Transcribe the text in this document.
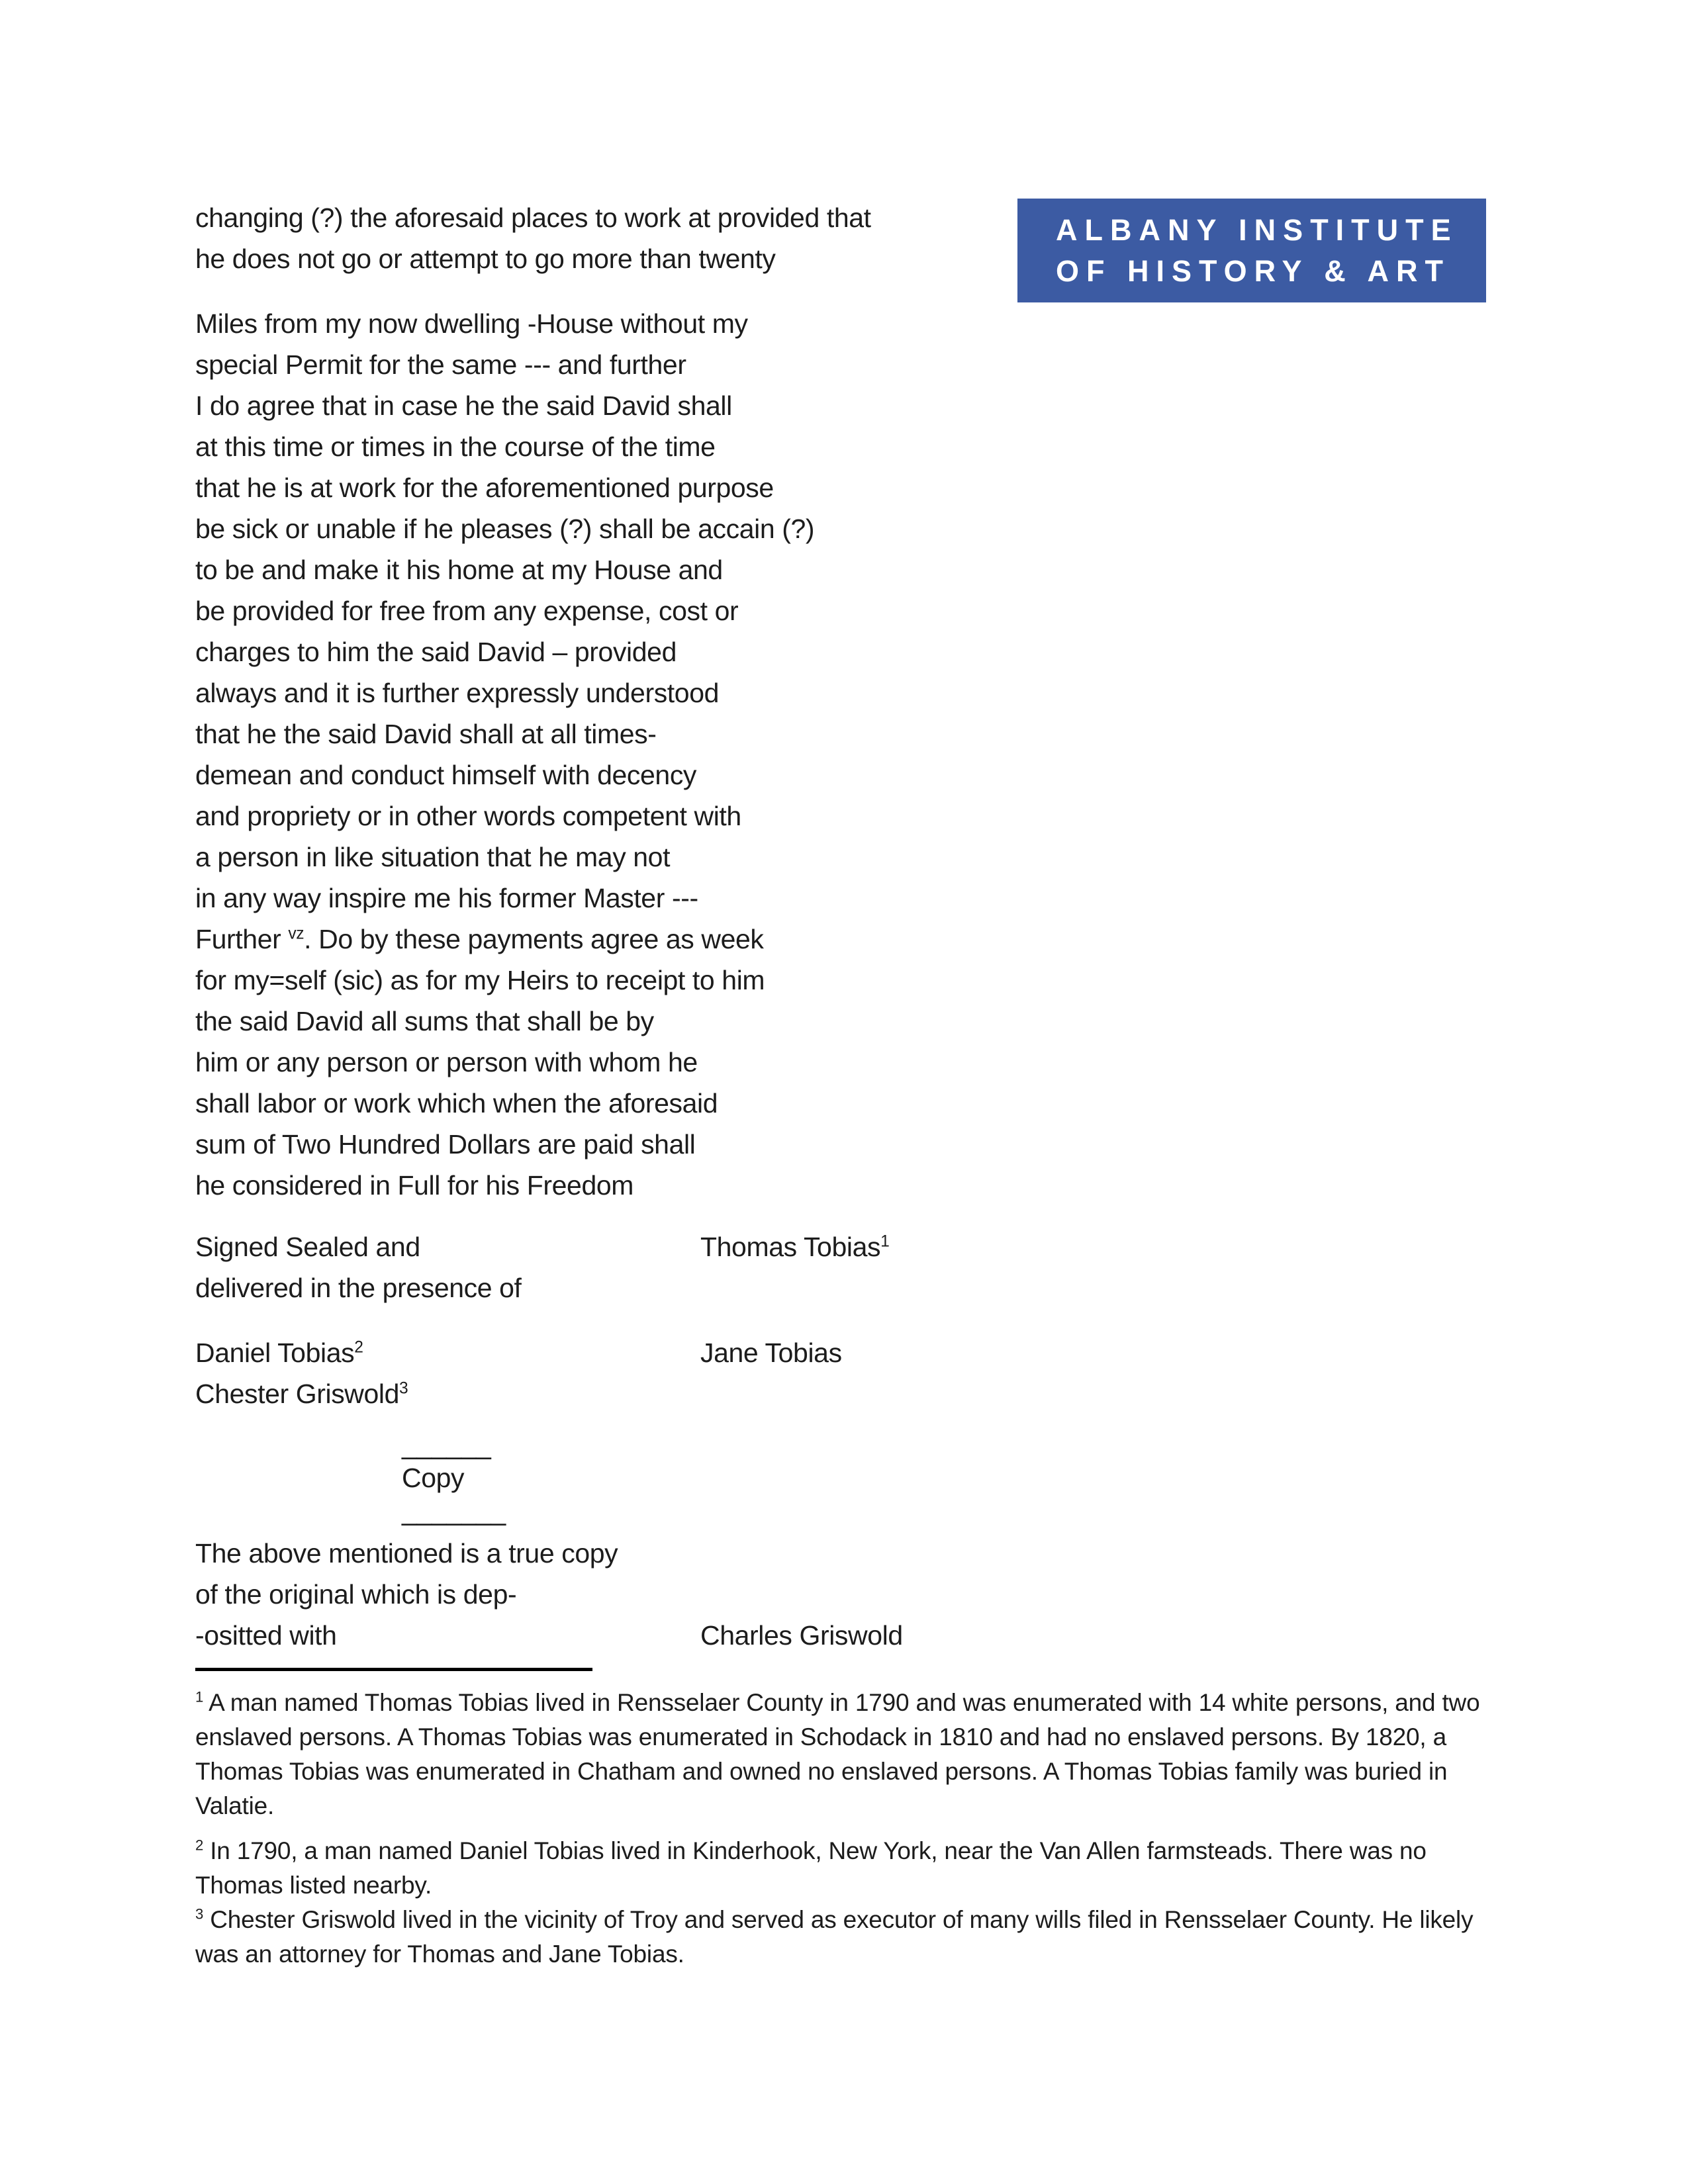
ALBANY INSTITUTE
OF HISTORY & ART
changing (?) the aforesaid places to work at provided that
he does not go or attempt to go more than twenty
Miles from my now dwelling -House without my
special Permit for the same --- and further
I do agree that in case he the said David shall
at this time or times in the course of the time
that he is at work for the aforementioned purpose
be sick or unable if he pleases (?) shall be accain (?)
to be and make it his home at my House and
be provided for free from any expense, cost or
charges to him the said David – provided
always and it is further expressly understood
that he the said David shall at all times-
demean and conduct himself with decency
and propriety or in other words competent with
a person in like situation that he may not
in any way inspire me his former Master ---
Further $^{vz}$. Do by these payments agree as week
for my=self (sic) as for my Heirs to receipt to him
the said David all sums that shall be by
him or any person or person with whom he
shall labor or work which when the aforesaid
sum of Two Hundred Dollars are paid shall
he considered in Full for his Freedom
Signed Sealed and	Thomas Tobias$^1$
delivered in the presence of
Daniel Tobias$^2$	Jane Tobias
Chester Griswold$^3$
______
Copy
_______
The above mentioned is a true copy
of the original which is dep-
-ositted with	Charles Griswold
$^1$ A man named Thomas Tobias lived in Rensselaer County in 1790 and was enumerated with 14 white persons, and two enslaved persons. A Thomas Tobias was enumerated in Schodack in 1810 and had no enslaved persons. By 1820, a Thomas Tobias was enumerated in Chatham and owned no enslaved persons. A Thomas Tobias family was buried in Valatie.
$^2$ In 1790, a man named Daniel Tobias lived in Kinderhook, New York, near the Van Allen farmsteads. There was no Thomas listed nearby.
$^3$ Chester Griswold lived in the vicinity of Troy and served as executor of many wills filed in Rensselaer County. He likely was an attorney for Thomas and Jane Tobias.
